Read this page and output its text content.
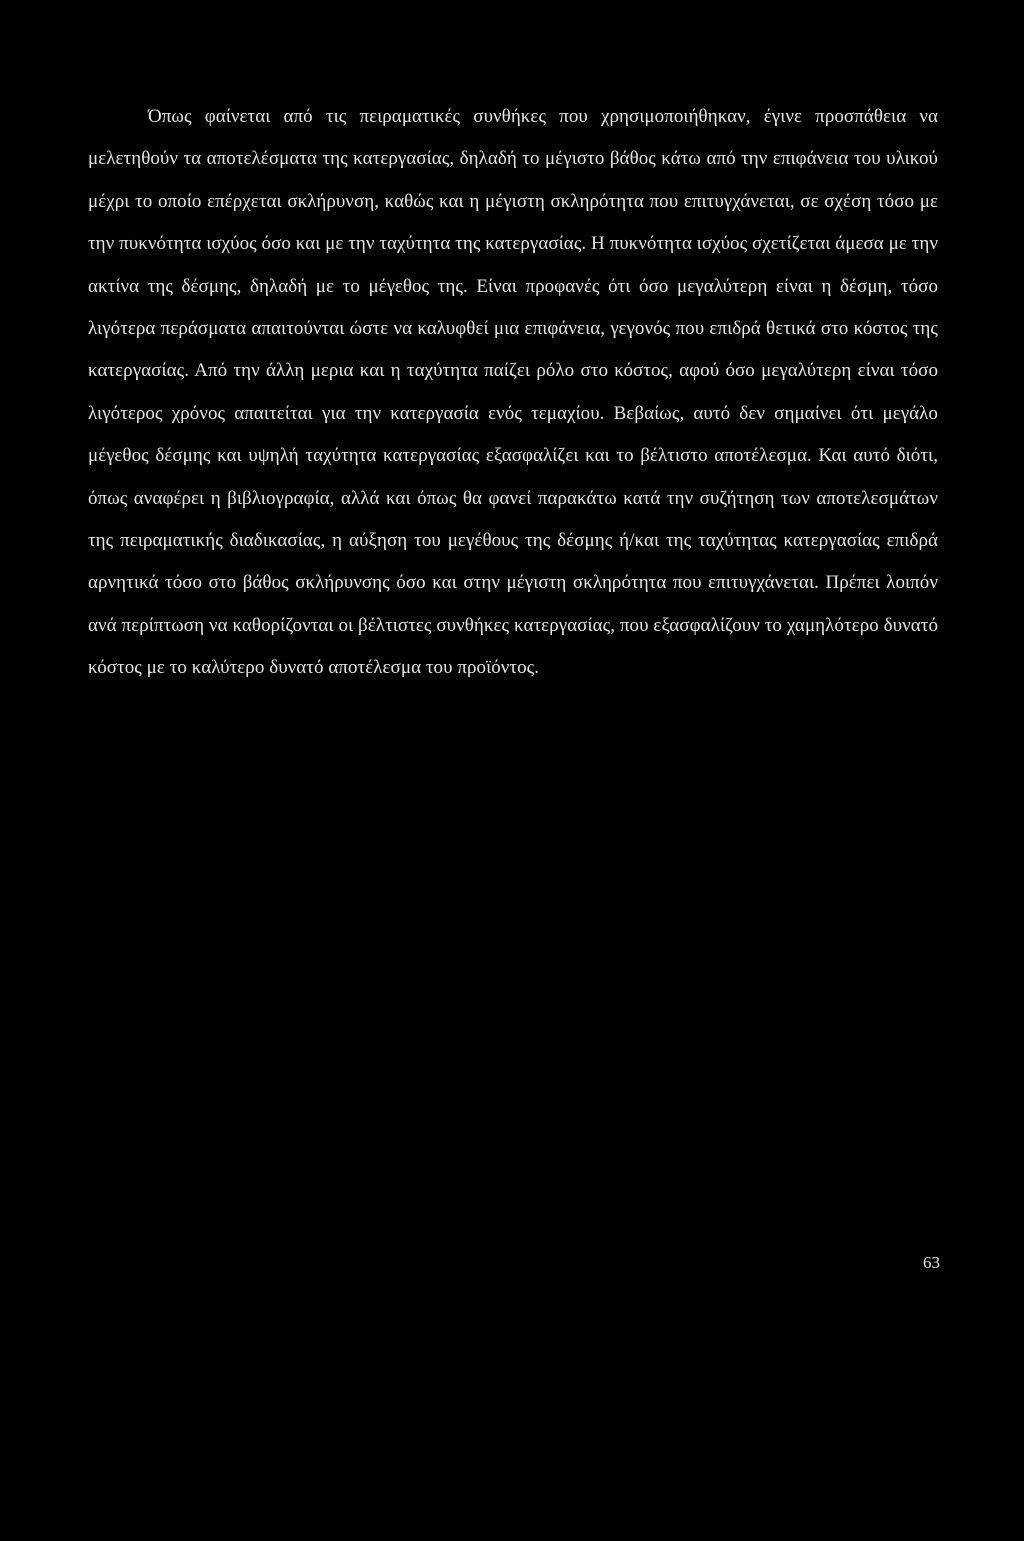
Όπως φαίνεται από τις πειραματικές συνθήκες που χρησιμοποιήθηκαν, έγινε προσπάθεια να μελετηθούν τα αποτελέσματα της κατεργασίας, δηλαδή το μέγιστο βάθος κάτω από την επιφάνεια του υλικού μέχρι το οποίο επέρχεται σκλήρυνση, καθώς και η μέγιστη σκληρότητα που επιτυγχάνεται, σε σχέση τόσο με την πυκνότητα ισχύος όσο και με την ταχύτητα της κατεργασίας. Η πυκνότητα ισχύος σχετίζεται άμεσα με την ακτίνα της δέσμης, δηλαδή με το μέγεθος της. Είναι προφανές ότι όσο μεγαλύτερη είναι η δέσμη, τόσο λιγότερα περάσματα απαιτούνται ώστε να καλυφθεί μια επιφάνεια, γεγονός που επιδρά θετικά στο κόστος της κατεργασίας. Από την άλλη μερια και η ταχύτητα παίζει ρόλο στο κόστος, αφού όσο μεγαλύτερη είναι τόσο λιγότερος χρόνος απαιτείται για την κατεργασία ενός τεμαχίου. Βεβαίως, αυτό δεν σημαίνει ότι μεγάλο μέγεθος δέσμης και υψηλή ταχύτητα κατεργασίας εξασφαλίζει και το βέλτιστο αποτέλεσμα. Και αυτό διότι, όπως αναφέρει η βιβλιογραφία, αλλά και όπως θα φανεί παρακάτω κατά την συζήτηση των αποτελεσμάτων της πειραματικής διαδικασίας, η αύξηση του μεγέθους της δέσμης ή/και της ταχύτητας κατεργασίας επιδρά αρνητικά τόσο στο βάθος σκλήρυνσης όσο και στην μέγιστη σκληρότητα που επιτυγχάνεται. Πρέπει λοιπόν ανά περίπτωση να καθορίζονται οι βέλτιστες συνθήκες κατεργασίας, που εξασφαλίζουν το χαμηλότερο δυνατό κόστος με το καλύτερο δυνατό αποτέλεσμα του προϊόντος.

63
